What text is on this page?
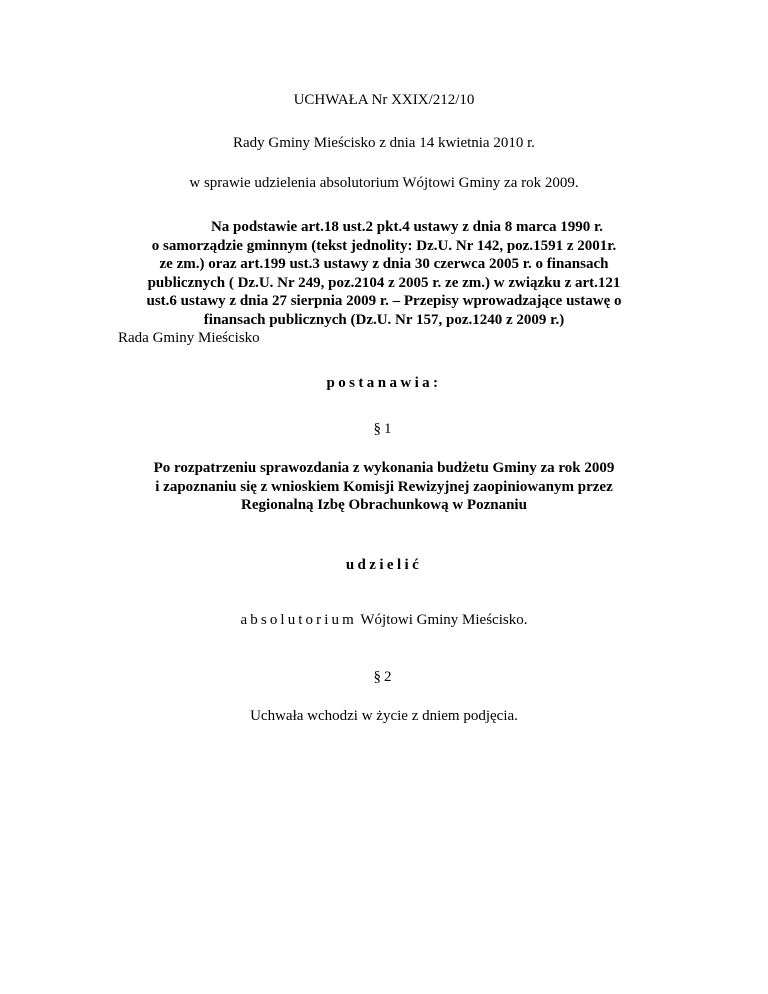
UCHWAŁA Nr XXIX/212/10
Rady Gminy Mieścisko z dnia 14 kwietnia 2010 r.
w sprawie udzielenia absolutorium Wójtowi Gminy za rok 2009.
Na podstawie art.18 ust.2 pkt.4 ustawy z dnia 8 marca 1990 r.
o samorządzie gminnym (tekst jednolity: Dz.U. Nr 142, poz.1591 z 2001r.
ze zm.) oraz art.199 ust.3 ustawy z dnia 30 czerwca 2005 r. o finansach
publicznych ( Dz.U. Nr 249, poz.2104 z 2005 r. ze zm.) w związku z art.121
ust.6 ustawy z dnia 27 sierpnia 2009 r. – Przepisy wprowadzające ustawę o
finansach publicznych (Dz.U. Nr 157, poz.1240 z 2009 r.)
Rada Gminy Mieścisko
postanawia:
§1
Po rozpatrzeniu sprawozdania z wykonania budżetu Gminy za rok 2009
i zapoznaniu się z wnioskiem Komisji Rewizyjnej zaopiniowanym przez
Regionalną Izbę Obrachunkową w Poznaniu
udzielić
absolutorium Wójtowi Gminy Mieścisko.
§2
Uchwała wchodzi w życie z dniem podjęcia.
